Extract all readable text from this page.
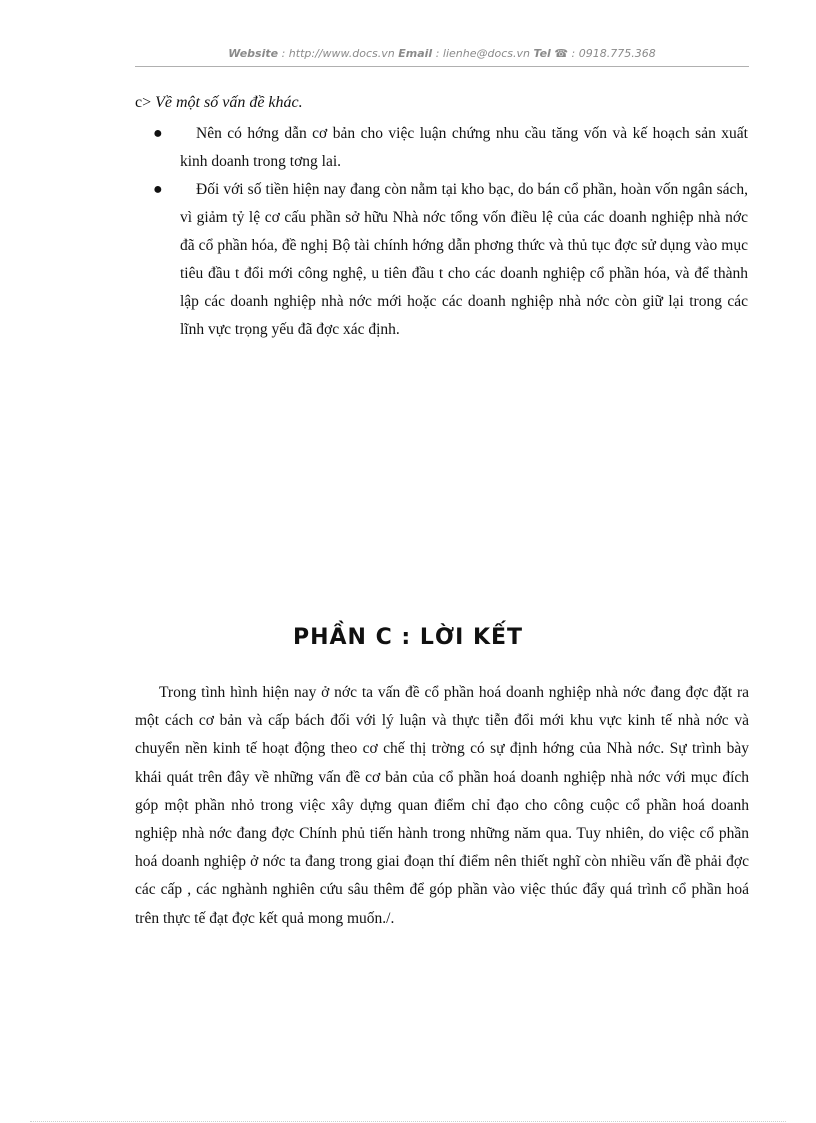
Website : http://www.docs.vn Email : lienhe@docs.vn Tel ☎ : 0918.775.368
c> Về một số vấn đề khác.
●	Nên có hớng dẫn cơ bản cho việc luận chứng nhu cầu tăng vốn và kế hoạch sản xuất kinh doanh trong tơng lai.
●	Đối với số tiền hiện nay đang còn nằm tại kho bạc, do bán cổ phần, hoàn vốn ngân sách, vì giảm tỷ lệ cơ cấu phần sở hữu Nhà nớc tổng vốn điều lệ của các doanh nghiệp nhà nớc đã cổ phần hóa, đề nghị Bộ tài chính hớng dẫn phơng thức và thủ tục đợc sử dụng vào mục tiêu đầu t đổi mới công nghệ, u tiên đầu t cho các doanh nghiệp cổ phần hóa, và để thành lập các doanh nghiệp nhà nớc mới hoặc các doanh nghiệp nhà nớc còn giữ lại trong các lĩnh vực trọng yếu đã đợc xác định.
PHẦN C : LỜI KẾT
Trong tình hình hiện nay ở nớc ta vấn đề cổ phần hoá doanh nghiệp nhà nớc đang đợc đặt ra một cách cơ bản và cấp bách đối với lý luận và thực tiễn đổi mới khu vực kinh tế nhà nớc và chuyển nền kinh tế hoạt động theo cơ chế thị trờng có sự định hớng của Nhà nớc. Sự trình bày khái quát trên đây về những vấn đề cơ bản của cổ phần hoá doanh nghiệp nhà nớc với mục đích góp một phần nhỏ trong việc xây dựng quan điểm chỉ đạo cho công cuộc cổ phần hoá doanh nghiệp nhà nớc đang đợc Chính phủ tiến hành trong những năm qua. Tuy nhiên, do việc cổ phần hoá doanh nghiệp ở nớc ta đang trong giai đoạn thí điểm nên thiết nghĩ còn nhiều vấn đề phải đợc các cấp , các nghành nghiên cứu sâu thêm để góp phần vào việc thúc đẩy quá trình cổ phần hoá trên thực tế đạt đợc kết quả mong muốn./.
